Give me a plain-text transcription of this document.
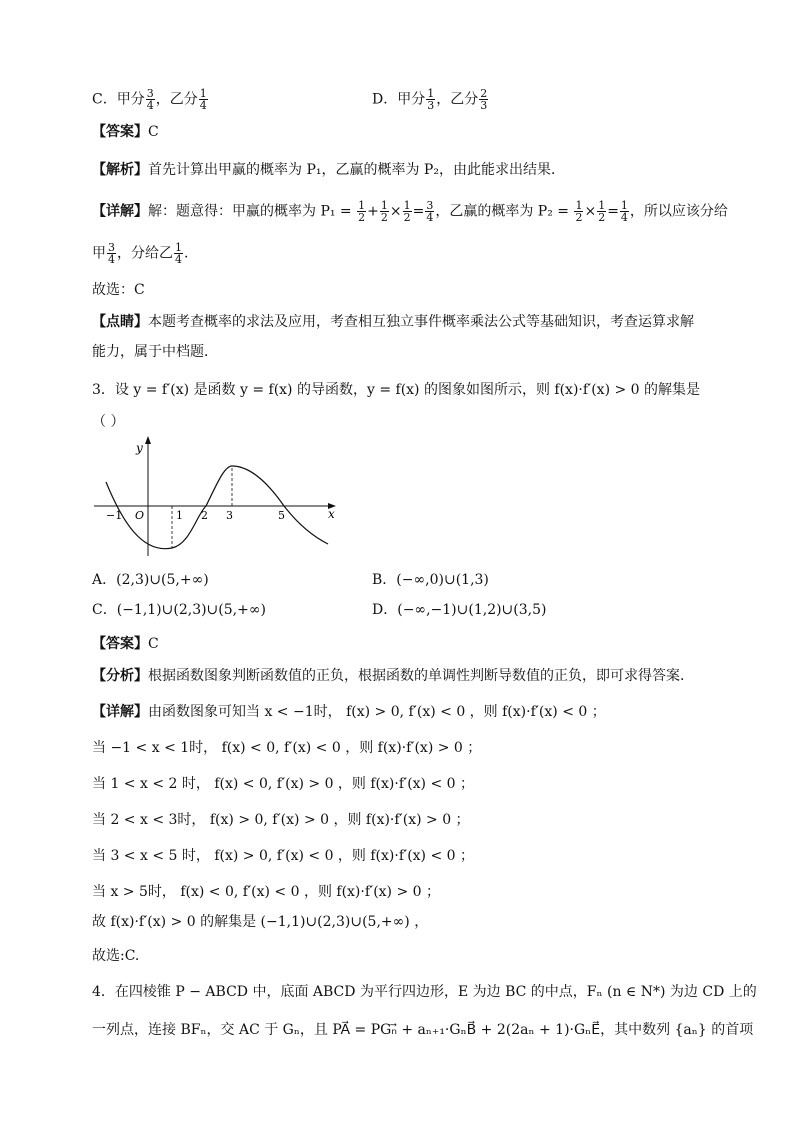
C．甲分 $\frac{3}{4}$ ，乙分 $\frac{1}{4}$	D．甲分 $\frac{1}{3}$ ，乙分 $\frac{2}{3}$
【答案】C
【解析】首先计算出甲赢的概率为 P₁，乙赢的概率为 P₂，由此能求出结果．
【详解】解：题意得：甲赢的概率为 $P_1 = \frac{1}{2} + \frac{1}{2} \times \frac{1}{2} = \frac{3}{4}$ ，乙赢的概率为 $P_2 = \frac{1}{2} \times \frac{1}{2} = \frac{1}{4}$ ，所以应该分给
甲 $\frac{3}{4}$ ，分给乙 $\frac{1}{4}$ .
故选：C
【点睛】本题考查概率的求法及应用，考查相互独立事件概率乘法公式等基础知识，考查运算求解
能力，属于中档题．
3．设 y = f′(x) 是函数 y = f(x) 的导函数，y = f(x) 的图象如图所示，则 f(x)·f′(x) > 0 的解集是
（ ）
y
x
O
−1	1 2 3	5
A．(2,3)∪(5,+∞)	B．(−∞,0)∪(1,3)
C．(−1,1)∪(2,3)∪(5,+∞)	D．(−∞,−1)∪(1,2)∪(3,5)
【答案】C
【分析】根据函数图象判断函数值的正负，根据函数的单调性判断导数值的正负，即可求得答案.
【详解】由函数图象可知当 x < −1时， f(x) > 0, f′(x) < 0 ，则 f(x)·f′(x) < 0 ；
当 −1 < x < 1时， f(x) < 0, f′(x) < 0 ，则 f(x)·f′(x) > 0 ；
当 1 < x < 2 时， f(x) < 0, f′(x) > 0 ，则 f(x)·f′(x) < 0 ；
当 2 < x < 3时， f(x) > 0, f′(x) > 0 ，则 f(x)·f′(x) > 0 ；
当 3 < x < 5 时， f(x) > 0, f′(x) < 0 ，则 f(x)·f′(x) < 0 ；
当 x > 5时， f(x) < 0, f′(x) < 0 ，则 f(x)·f′(x) > 0 ；
故 f(x)·f′(x) > 0 的解集是 (−1,1)∪(2,3)∪(5,+∞) ，
故选:C.
4．在四棱锥 P − ABCD 中，底面 ABCD 为平行四边形，E 为边 BC 的中点，Fₙ (n ∈ N*) 为边 CD 上的
一列点，连接 BFₙ，交 AC 于 Gₙ，且 PA⃗ = PGₙ⃗ + aₙ₊₁·GₙB⃗ + 2(2aₙ + 1)·GₙE⃗，其中数列 {aₙ} 的首项
